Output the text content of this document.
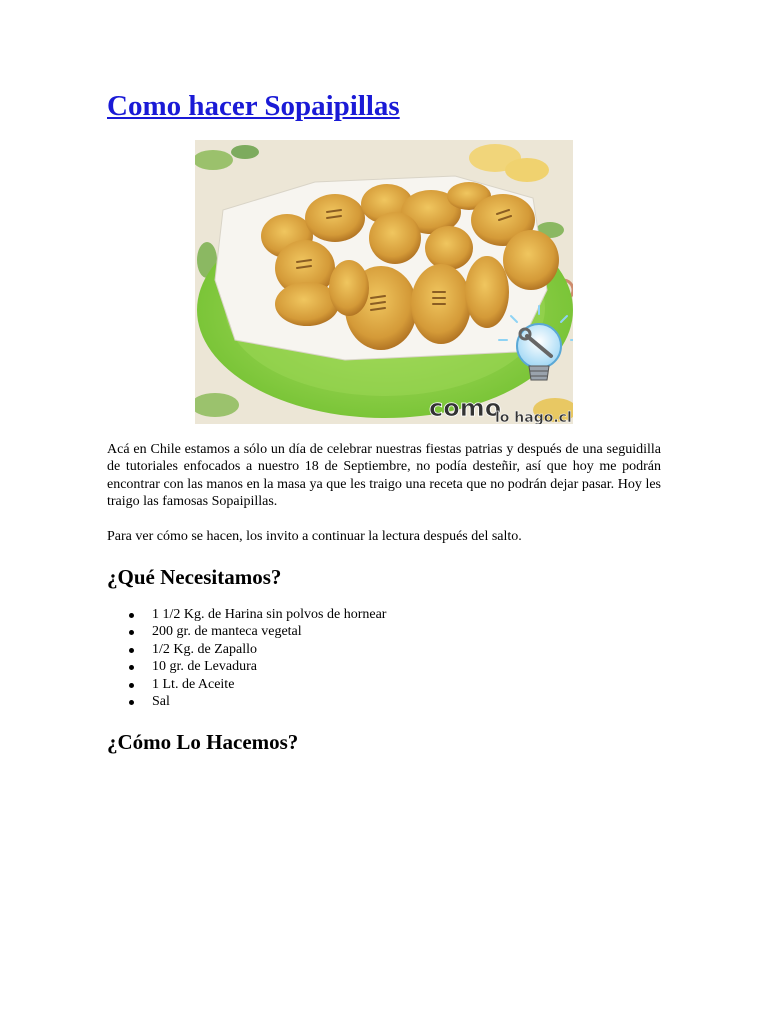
Como hacer Sopaipillas
como
lo hago.cl

Acá en Chile estamos a sólo un día de celebrar nuestras fiestas patrias y después de una seguidilla de tutoriales enfocados a nuestro 18 de Septiembre, no podía desteñir, así que hoy me podrán encontrar con las manos en la masa ya que les traigo una receta que no podrán dejar pasar. Hoy les traigo las famosas Sopaipillas.

Para ver cómo se hacen, los invito a continuar la lectura después del salto.

¿Qué Necesitamos?
1 1/2 Kg. de Harina sin polvos de hornear
200 gr. de manteca vegetal
1/2 Kg. de Zapallo
10 gr. de Levadura
1 Lt. de Aceite
Sal
¿Cómo Lo Hacemos?
